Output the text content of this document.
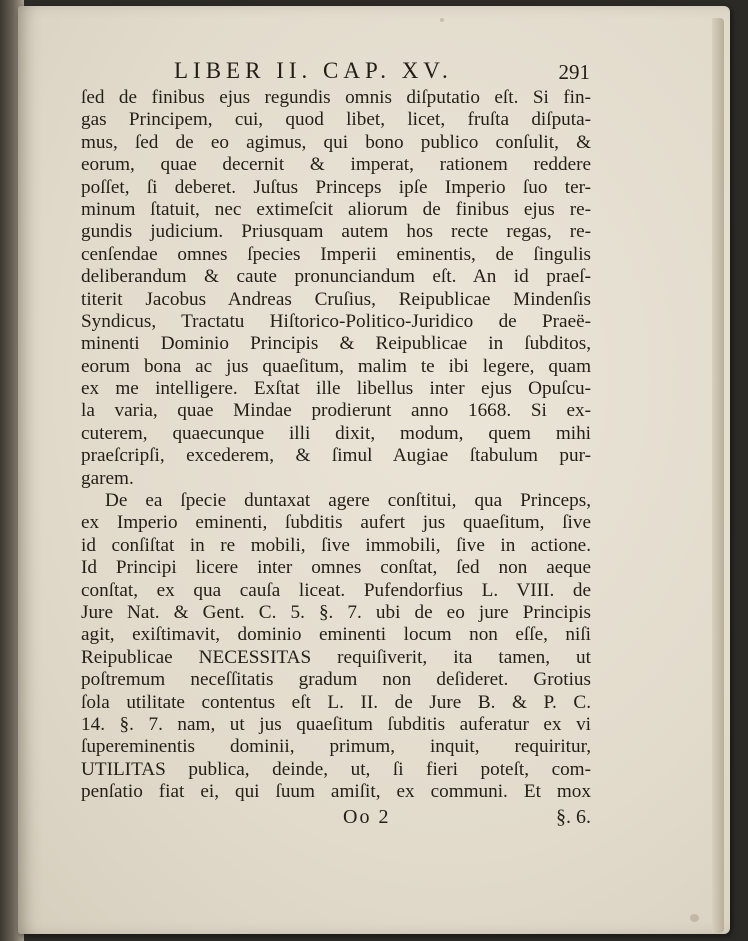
LIBER II. CAP. XV.	291
ſed de finibus ejus regundis omnis diſputatio eſt. Si fin-
gas Principem, cui, quod libet, licet, fruſta diſputa-
mus, ſed de eo agimus, qui bono publico conſulit, &
eorum, quae decernit & imperat, rationem reddere
poſſet, ſi deberet. Juſtus Princeps ipſe Imperio ſuo ter-
minum ſtatuit, nec extimeſcit aliorum de finibus ejus re-
gundis judicium. Priusquam autem hos recte regas, re-
cenſendae omnes ſpecies Imperii eminentis, de ſingulis
deliberandum & caute pronunciandum eſt. An id praeſ-
titerit Jacobus Andreas Cruſius, Reipublicae Mindenſis
Syndicus, Tractatu Hiſtorico-Politico-Juridico de Praeë-
minenti Dominio Principis & Reipublicae in ſubditos,
eorum bona ac jus quaeſitum, malim te ibi legere, quam
ex me intelligere. Exſtat ille libellus inter ejus Opuſcu-
la varia, quae Mindae prodierunt anno 1668. Si ex-
cuterem, quaecunque illi dixit, modum, quem mihi
praeſcripſi, excederem, & ſimul Augiae ſtabulum pur-
garem.
De ea ſpecie duntaxat agere conſtitui, qua Princeps,
ex Imperio eminenti, ſubditis aufert jus quaeſitum, ſive
id conſiſtat in re mobili, ſive immobili, ſive in actione.
Id Principi licere inter omnes conſtat, ſed non aeque
conſtat, ex qua cauſa liceat. Pufendorfius L. VIII. de
Jure Nat. & Gent. C. 5. §. 7. ubi de eo jure Principis
agit, exiſtimavit, dominio eminenti locum non eſſe, niſi
Reipublicae NECESSITAS requiſiverit, ita tamen, ut
poſtremum neceſſitatis gradum non deſideret. Grotius
ſola utilitate contentus eſt L. II. de Jure B. & P. C.
14. §. 7. nam, ut jus quaeſitum ſubditis auferatur ex vi
ſupereminentis dominii, primum, inquit, requiritur,
UTILITAS publica, deinde, ut, ſi fieri poteſt, com-
penſatio fiat ei, qui ſuum amiſit, ex communi. Et mox
Oo 2	§. 6.
